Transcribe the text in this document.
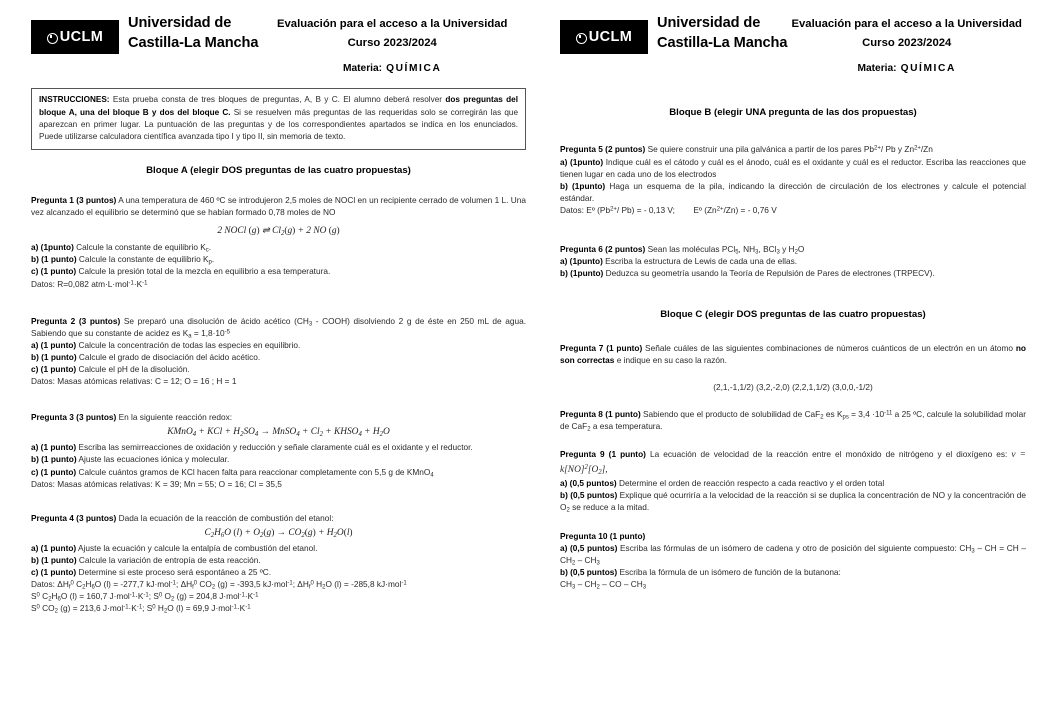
UCLM
Universidad de
Castilla-La Mancha
Evaluación para el acceso a la Universidad
Curso 2023/2024
Materia: QUÍMICA
INSTRUCCIONES: Esta prueba consta de tres bloques de preguntas, A, B y C. El alumno deberá resolver dos preguntas del bloque A, una del bloque B y dos del bloque C. Si se resuelven más preguntas de las requeridas solo se corregirán las que aparezcan en primer lugar. La puntuación de las preguntas y de los correspondientes apartados se indica en los enunciados. Puede utilizarse calculadora científica avanzada tipo I y tipo II, sin memoria de texto.
Bloque A (elegir DOS preguntas de las cuatro propuestas)
Pregunta 1 (3 puntos) A una temperatura de 460 ºC se introdujeron 2,5 moles de NOCl en un recipiente cerrado de volumen 1 L. Una vez alcanzado el equilibrio se determinó que se habían formado 0,78 moles de NO
2 NOCl (g) ⇌ $Cl_2(g) + 2$ NO (g)
a) (1punto) Calcule la constante de equilibrio $K_c$.
b) (1 punto) Calcule la constante de equilibrio $K_p$.
c) (1 punto) Calcule la presión total de la mezcla en equilibrio a esa temperatura.
Datos: R=0,082 $atm\cdot L\cdot mol^{-1}\cdot K^{-1}$
Pregunta 2 (3 puntos) Se preparó una disolución de ácido acético ($CH_3$ - COOH) disolviendo 2 g de éste en 250 mL de agua. Sabiendo que su constante de acidez es $K_a = 1,8\cdot 10^{-5}$
a) (1 punto) Calcule la concentración de todas las especies en equilibrio.
b) (1 punto) Calcule el grado de disociación del ácido acético.
c) (1 punto) Calcule el pH de la disolución.
Datos: Masas atómicas relativas: C = 12; O = 16 ; H = 1
Pregunta 3 (3 puntos) En la siguiente reacción redox:
KMnO$_4$ + KCl + $H_2SO_4$ → MnSO$_4$ + $Cl_2$ + $KHSO_4 + H_2O$
a) (1 punto) Escriba las semirreacciones de oxidación y reducción y señale claramente cuál es el oxidante y el reductor.
b) (1 punto) Ajuste las ecuaciones iónica y molecular.
c) (1 punto) Calcule cuántos gramos de KCl hacen falta para reaccionar completamente con 5,5 g de KMnO$_4$
Datos: Masas atómicas relativas: K = 39; Mn = 55; O = 16; Cl = 35,5
Pregunta 4 (3 puntos) Dada la ecuación de la reacción de combustión del etanol:
$C_2H_6O$ $(l) + O_2(g) \to CO_2(g) + H_2O(l)$
a) (1 punto) Ajuste la ecuación y calcule la entalpía de combustión del etanol.
b) (1 punto) Calcule la variación de entropía de esta reacción.
c) (1 punto) Determine si este proceso será espontáneo a 25 ºC.
Datos: $\Delta H_f^0$ $C_2H_6O$ (l) = -277,7 kJ·mol$^{-1}$; $\Delta H_f^0$ $CO_2$ (g) = -393,5 kJ·mol$^{-1}$; $\Delta H_f^0$ $H_2O$ (l) = -285,8 kJ·mol$^{-1}$
$S^0$ $C_2H_6O$ (l) = 160,7 $J\cdot mol^{-1}\cdot K^{-1}$; $S^0$ $O_2$ (g) = 204,8 $J\cdot mol^{-1}\cdot K^{-1}$
$S^0$ $CO_2$ (g) = 213,6 $J\cdot mol^{-1}\cdot K^{-1}$; $S^0$ $H_2O$ (l) = 69,9 $J\cdot mol^{-1}\cdot K^{-1}$
UCLM
Universidad de
Castilla-La Mancha
Evaluación para el acceso a la Universidad
Curso 2023/2024
Materia: QUÍMICA
Bloque B (elegir UNA pregunta de las dos propuestas)
Pregunta 5 (2 puntos) Se quiere construir una pila galvánica a partir de los pares $Pb^{2+}/$ Pb y $Zn^{2+}/Zn$
a) (1punto) Indique cuál es el cátodo y cuál es el ánodo, cuál es el oxidante y cuál es el reductor. Escriba las reacciones que tienen lugar en cada uno de los electrodos
b) (1punto) Haga un esquema de la pila, indicando la dirección de circulación de los electrones y calcule el potencial estándar.
Datos: Eº ($Pb^{2+}/$ Pb) = - 0,13 V;        Eº $(Zn^{2+}/Zn)$ = - 0,76 V
Pregunta 6 (2 puntos) Sean las moléculas PCl$_5$, $NH_3$, BCl$_3$ y $H_2O$
a) (1punto) Escriba la estructura de Lewis de cada una de ellas.
b) (1punto) Deduzca su geometría usando la Teoría de Repulsión de Pares de electrones (TRPECV).
Bloque C (elegir DOS preguntas de las cuatro propuestas)
Pregunta 7 (1 punto) Señale cuáles de las siguientes combinaciones de números cuánticos de un electrón en un átomo no son correctas e indique en su caso la razón.
(2,1,-1,1/2) (3,2,-2,0) (2,2,1,1/2) (3,0,0,-1/2)
Pregunta 8 (1 punto) Sabiendo que el producto de solubilidad de CaF$_2$ es $K_{ps} = 3,4 \cdot 10^{-11}$ a 25 ºC, calcule la solubilidad molar de CaF$_2$ a esa temperatura.
Pregunta 9 (1 punto) La ecuación de velocidad de la reacción entre el monóxido de nitrógeno y el dioxígeno es: $v = k[NO]^2[O_2]$,
a) (0,5 puntos) Determine el orden de reacción respecto a cada reactivo y el orden total
b) (0,5 puntos) Explique qué ocurriría a la velocidad de la reacción si se duplica la concentración de NO y la concentración de $O_2$ se reduce a la mitad.
Pregunta 10 (1 punto)
a) (0,5 puntos) Escriba las fórmulas de un isómero de cadena y otro de posición del siguiente compuesto: $CH_3$ – CH = CH – $CH_2 - CH_3$
b) (0,5 puntos) Escriba la fórmula de un isómero de función de la butanona:
$CH_3 - CH_2$ – CO – $CH_3$
